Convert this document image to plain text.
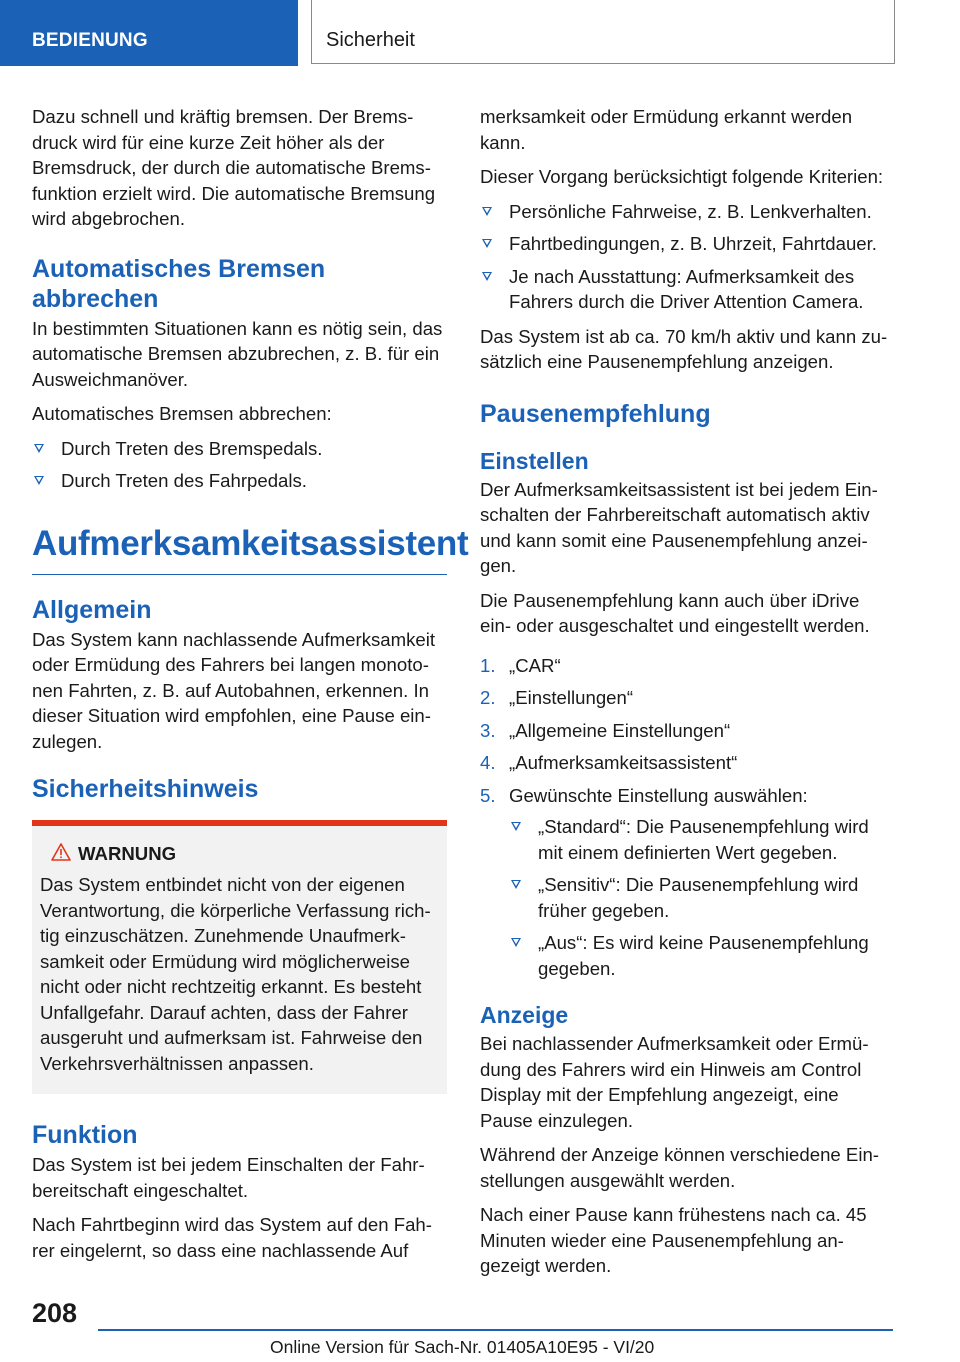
BEDIENUNG	Sicherheit

Dazu schnell und kräftig bremsen. Der Bremsdruck wird für eine kurze Zeit höher als der Bremsdruck, der durch die automatische Bremsfunktion erzielt wird. Die automatische Bremsung wird abgebrochen.

Automatisches Bremsen abbrechen

In bestimmten Situationen kann es nötig sein, das automatische Bremsen abzubrechen, z. B. für ein Ausweichmanöver.

Automatisches Bremsen abbrechen:

Durch Treten des Bremspedals.
Durch Treten des Fahrpedals.
Aufmerksamkeitsassistent
Allgemein

Das System kann nachlassende Aufmerksamkeit oder Ermüdung des Fahrers bei langen monotonen Fahrten, z. B. auf Autobahnen, erkennen. In dieser Situation wird empfohlen, eine Pause einzulegen.

Sicherheitshinweis
WARNUNG

Das System entbindet nicht von der eigenen Verantwortung, die körperliche Verfassung richtig einzuschätzen. Zunehmende Unaufmerksamkeit oder Ermüdung wird möglicherweise nicht oder nicht rechtzeitig erkannt. Es besteht Unfallgefahr. Darauf achten, dass der Fahrer ausgeruht und aufmerksam ist. Fahrweise den Verkehrsverhältnissen anpassen.

Funktion

Das System ist bei jedem Einschalten der Fahrbereitschaft eingeschaltet.

Nach Fahrtbeginn wird das System auf den Fahrer eingelernt, so dass eine nachlassende Auf

merksamkeit oder Ermüdung erkannt werden kann.

Dieser Vorgang berücksichtigt folgende Kriterien:

Persönliche Fahrweise, z. B. Lenkverhalten.
Fahrtbedingungen, z. B. Uhrzeit, Fahrtdauer.
Je nach Ausstattung: Aufmerksamkeit des Fahrers durch die Driver Attention Camera.

Das System ist ab ca. 70 km/h aktiv und kann zusätzlich eine Pausenempfehlung anzeigen.

Pausenempfehlung
Einstellen

Der Aufmerksamkeitsassistent ist bei jedem Einschalten der Fahrbereitschaft automatisch aktiv und kann somit eine Pausenempfehlung anzeigen.

Die Pausenempfehlung kann auch über iDrive ein- oder ausgeschaltet und eingestellt werden.

1. „CAR“
2. „Einstellungen“
3. „Allgemeine Einstellungen“
4. „Aufmerksamkeitsassistent“
5. Gewünschte Einstellung auswählen:
„Standard“: Die Pausenempfehlung wird mit einem definierten Wert gegeben.
„Sensitiv“: Die Pausenempfehlung wird früher gegeben.
„Aus“: Es wird keine Pausenempfehlung gegeben.
Anzeige

Bei nachlassender Aufmerksamkeit oder Ermüdung des Fahrers wird ein Hinweis am Control Display mit der Empfehlung angezeigt, eine Pause einzulegen.

Während der Anzeige können verschiedene Einstellungen ausgewählt werden.

Nach einer Pause kann frühestens nach ca. 45 Minuten wieder eine Pausenempfehlung angezeigt werden.

208
Online Version für Sach-Nr. 01405A10E95 - VI/20
